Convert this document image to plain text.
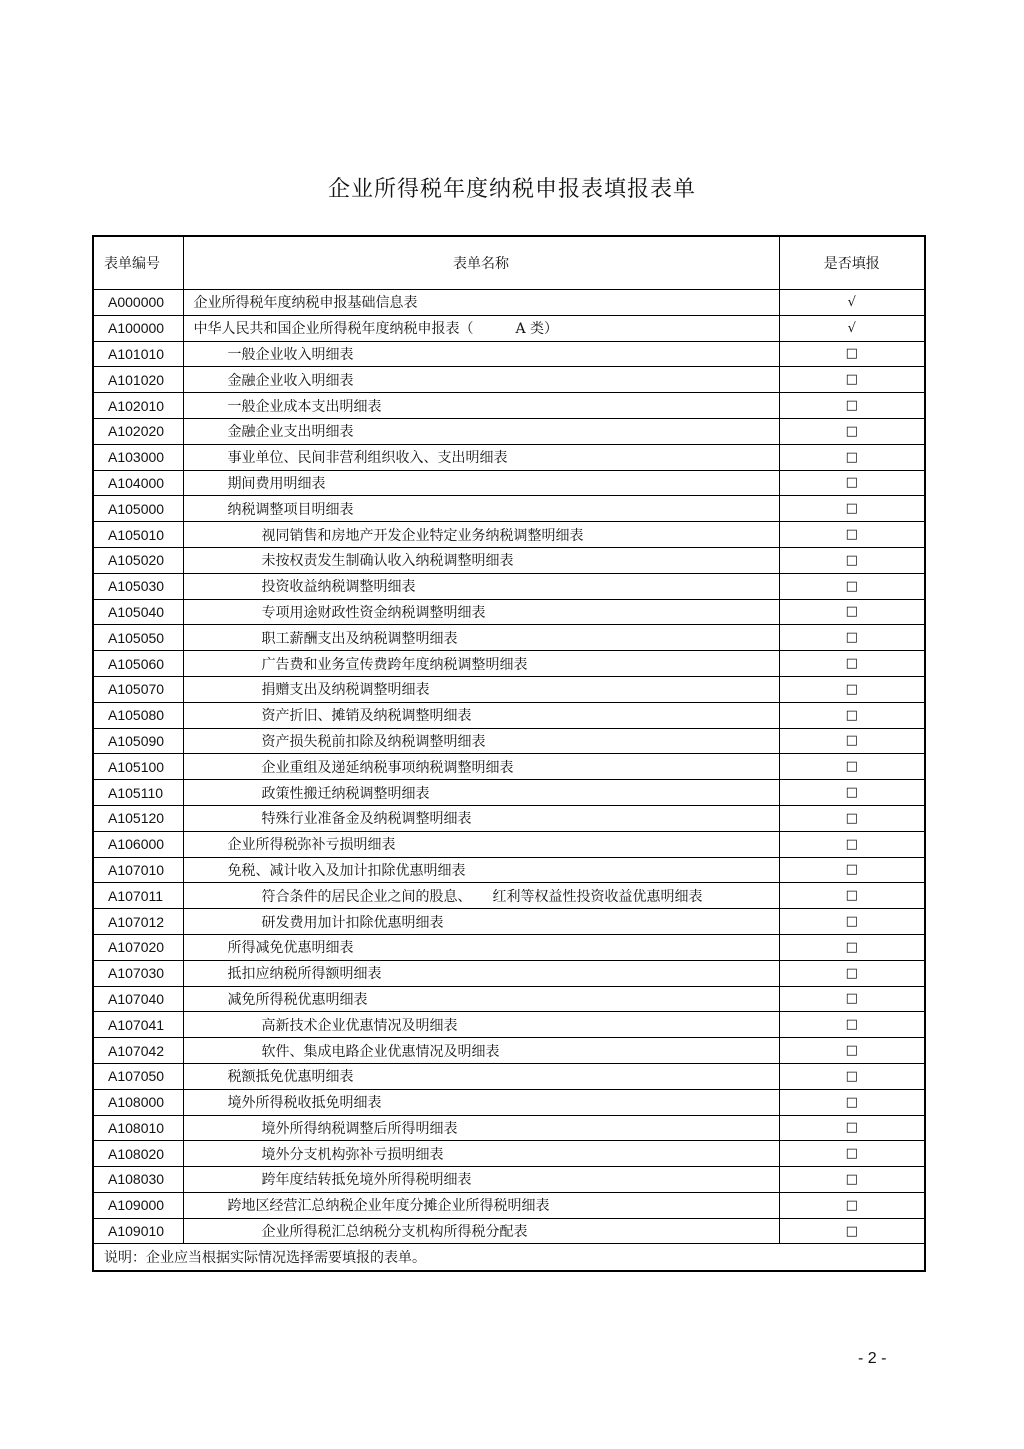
企业所得税年度纳税申报表填报表单
表单编号	表单名称	是否填报
A000000	企业所得税年度纳税申报基础信息表	√
A100000	中华人民共和国企业所得税年度纳税申报表（　　　A 类）	√
A101010	一般企业收入明细表	□
A101020	金融企业收入明细表	□
A102010	一般企业成本支出明细表	□
A102020	金融企业支出明细表	□
A103000	事业单位、民间非营利组织收入、支出明细表	□
A104000	期间费用明细表	□
A105000	纳税调整项目明细表	□
A105010	视同销售和房地产开发企业特定业务纳税调整明细表	□
A105020	未按权责发生制确认收入纳税调整明细表	□
A105030	投资收益纳税调整明细表	□
A105040	专项用途财政性资金纳税调整明细表	□
A105050	职工薪酬支出及纳税调整明细表	□
A105060	广告费和业务宣传费跨年度纳税调整明细表	□
A105070	捐赠支出及纳税调整明细表	□
A105080	资产折旧、摊销及纳税调整明细表	□
A105090	资产损失税前扣除及纳税调整明细表	□
A105100	企业重组及递延纳税事项纳税调整明细表	□
A105110	政策性搬迁纳税调整明细表	□
A105120	特殊行业准备金及纳税调整明细表	□
A106000	企业所得税弥补亏损明细表	□
A107010	免税、减计收入及加计扣除优惠明细表	□
A107011	符合条件的居民企业之间的股息、　　红利等权益性投资收益优惠明细表	□
A107012	研发费用加计扣除优惠明细表	□
A107020	所得减免优惠明细表	□
A107030	抵扣应纳税所得额明细表	□
A107040	减免所得税优惠明细表	□
A107041	高新技术企业优惠情况及明细表	□
A107042	软件、集成电路企业优惠情况及明细表	□
A107050	税额抵免优惠明细表	□
A108000	境外所得税收抵免明细表	□
A108010	境外所得纳税调整后所得明细表	□
A108020	境外分支机构弥补亏损明细表	□
A108030	跨年度结转抵免境外所得税明细表	□
A109000	跨地区经营汇总纳税企业年度分摊企业所得税明细表	□
A109010	企业所得税汇总纳税分支机构所得税分配表	□
说明：企业应当根据实际情况选择需要填报的表单。		
- 2 -
